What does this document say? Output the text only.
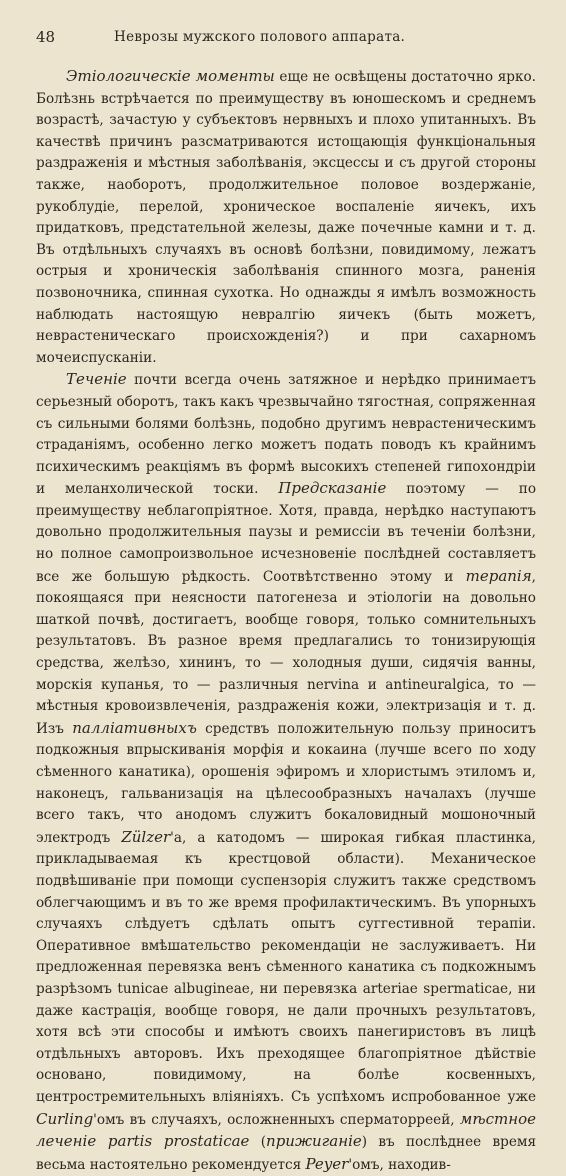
48	Неврозы мужского полового аппарата.

Этіологическіе моменты еще не освѣщены достаточно ярко. Болѣзнь встрѣчается по преимуществу въ юношескомъ и среднемъ возрастѣ, зачастую у субъектовъ нервныхъ и плохо упитанныхъ. Въ качествѣ причинъ разсматриваются истощающія функціональныя раздраженія и мѣстныя заболѣванія, эксцессы и съ другой стороны также, наоборотъ, продолжительное половое воздержаніе, рукоблудіе, перелой, хроническое воспаленіе яичекъ, ихъ придатковъ, предстательной железы, даже почечные камни и т. д. Въ отдѣльныхъ случаяхъ въ основѣ болѣзни, повидимому, лежатъ острыя и хроническія заболѣванія спинного мозга, раненія позвоночника, спинная сухотка. Но однажды я имѣлъ возможность наблюдать настоящую невралгію яичекъ (быть можетъ, неврастеническаго происхожденія?) и при сахарномъ мочеиспусканіи.

Теченіе почти всегда очень затяжное и нерѣдко принимаетъ серьезный оборотъ, такъ какъ чрезвычайно тягостная, сопряженная съ сильными болями болѣзнь, подобно другимъ неврастеническимъ страданіямъ, особенно легко можетъ подать поводъ къ крайнимъ психическимъ реакціямъ въ формѣ высокихъ степеней гипохондріи и меланхолической тоски. Предсказаніе поэтому — по преимуществу неблагопріятное. Хотя, правда, нерѣдко наступаютъ довольно продолжительныя паузы и ремиссіи въ теченіи болѣзни, но полное самопроизвольное исчезновеніе послѣдней составляетъ все же большую рѣдкость. Соотвѣтственно этому и терапія, покоящаяся при неясности патогенеза и этіологіи на довольно шаткой почвѣ, достигаетъ, вообще говоря, только сомнительныхъ результатовъ. Въ разное время предлагались то тонизирующія средства, желѣзо, хининъ, то — холодныя души, сидячія ванны, морскія купанья, то — различныя nervina и antineuralgica, то — мѣстныя кровоизвлеченія, раздраженія кожи, электризація и т. д. Изъ палліативныхъ средствъ положительную пользу приноситъ подкожныя впрыскиванія морфія и кокаина (лучше всего по ходу сѣменного канатика), орошенія эфиромъ и хлористымъ этиломъ и, наконецъ, гальванизація на цѣлесообразныхъ началахъ (лучше всего такъ, что анодомъ служитъ бокаловидный мошоночный электродъ Zülzer'а, а катодомъ — широкая гибкая пластинка, прикладываемая къ крестцовой области). Механическое подвѣшиваніе при помощи суспензорія служитъ также средствомъ облегчающимъ и въ то же время профилактическимъ. Въ упорныхъ случаяхъ слѣдуетъ сдѣлать опытъ суггестивной терапіи. Оперативное вмѣшательство рекомендаціи не заслуживаетъ. Ни предложенная перевязка венъ сѣменного канатика съ подкожнымъ разрѣзомъ tunicae albugineae, ни перевязка arteriae spermaticae, ни даже кастрація, вообще говоря, не дали прочныхъ результатовъ, хотя всѣ эти способы и имѣютъ своихъ панегиристовъ въ лицѣ отдѣльныхъ авторовъ. Ихъ преходящее благопріятное дѣйствіе основано, повидимому, на болѣе косвенныхъ, центростремительныхъ вліяніяхъ. Съ успѣхомъ испробованное уже Curling'омъ въ случаяхъ, осложненныхъ сперматорреей, мѣстное леченіе partis prostaticae (прижиганіе) въ послѣднее время весьма настоятельно рекомендуется Peyer'омъ, находив-
